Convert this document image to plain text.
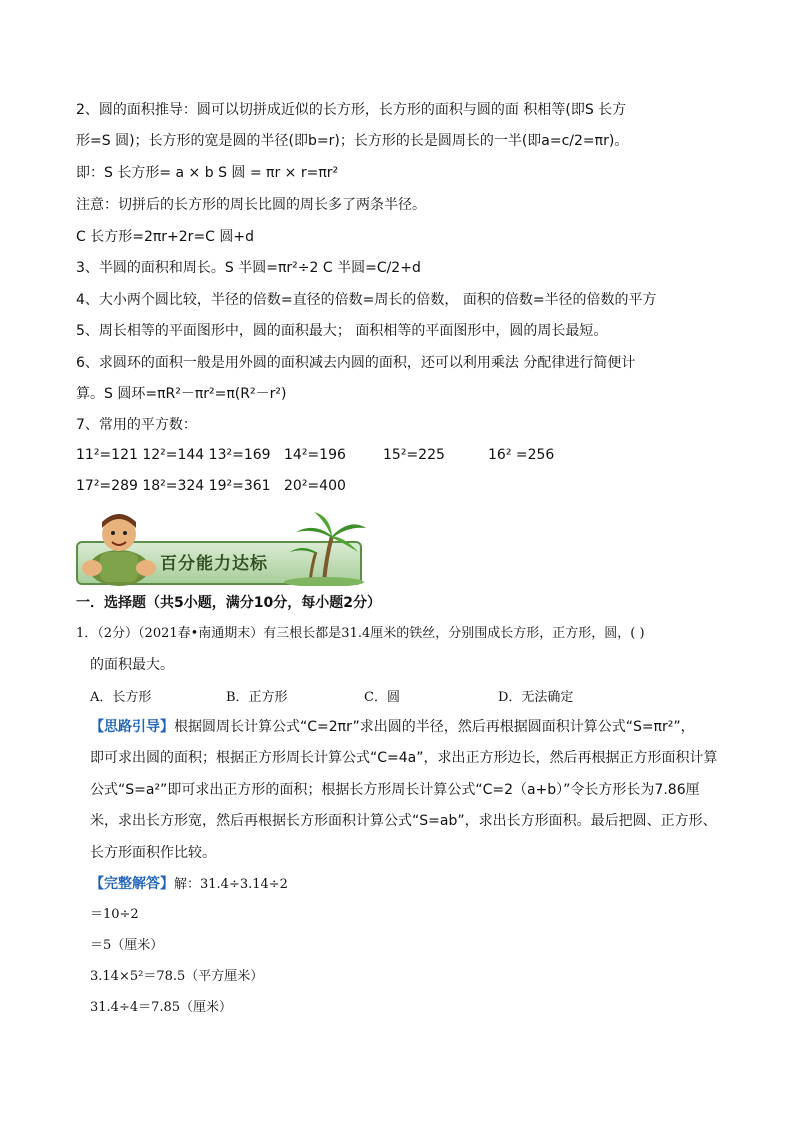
2、圆的面积推导：圆可以切拼成近似的长方形，长方形的面积与圆的面 积相等(即S 长方
形=S 圆)；长方形的宽是圆的半径(即b=r)；长方形的长是圆周长的一半(即a=c/2=πr)。
即：S 长方形= a × b S 圆 = πr × r=πr²
注意：切拼后的长方形的周长比圆的周长多了两条半径。
C 长方形=2πr+2r=C 圆+d
3、半圆的面积和周长。S 半圆=πr²÷2 C 半圆=C/2+d
4、大小两个圆比较，半径的倍数=直径的倍数=周长的倍数， 面积的倍数=半径的倍数的平方
5、周长相等的平面图形中，圆的面积最大； 面积相等的平面图形中，圆的周长最短。
6、求圆环的面积一般是用外圆的面积减去内圆的面积，还可以利用乘法 分配律进行简便计
算。S 圆环=πR²－πr²=π(R²－r²)
7、常用的平方数：
11²=121 12²=144 13²=169 14²=196	15²=225	16² =256
17²=289 18²=324 19²=361 20²=400
百分能力达标
一．选择题（共5小题，满分10分，每小题2分）
1．（2分）（2021春•南通期末）有三根长都是31.4厘米的铁丝，分别围成长方形，正方形，圆，( )
的面积最大。
A．长方形	B．正方形	C．圆	D．无法确定
【思路引导】根据圆周长计算公式“C=2πr”求出圆的半径，然后再根据圆面积计算公式“S=πr²”，
即可求出圆的面积；根据正方形周长计算公式“C=4a”，求出正方形边长，然后再根据正方形面积计算
公式“S=a²”即可求出正方形的面积；根据长方形周长计算公式“C=2（a+b）”令长方形长为7.86厘
米，求出长方形宽，然后再根据长方形面积计算公式“S=ab”，求出长方形面积。最后把圆、正方形、
长方形面积作比较。
【完整解答】解：31.4÷3.14÷2
＝10÷2
＝5（厘米）
3.14×5²＝78.5（平方厘米）
31.4÷4＝7.85（厘米）
